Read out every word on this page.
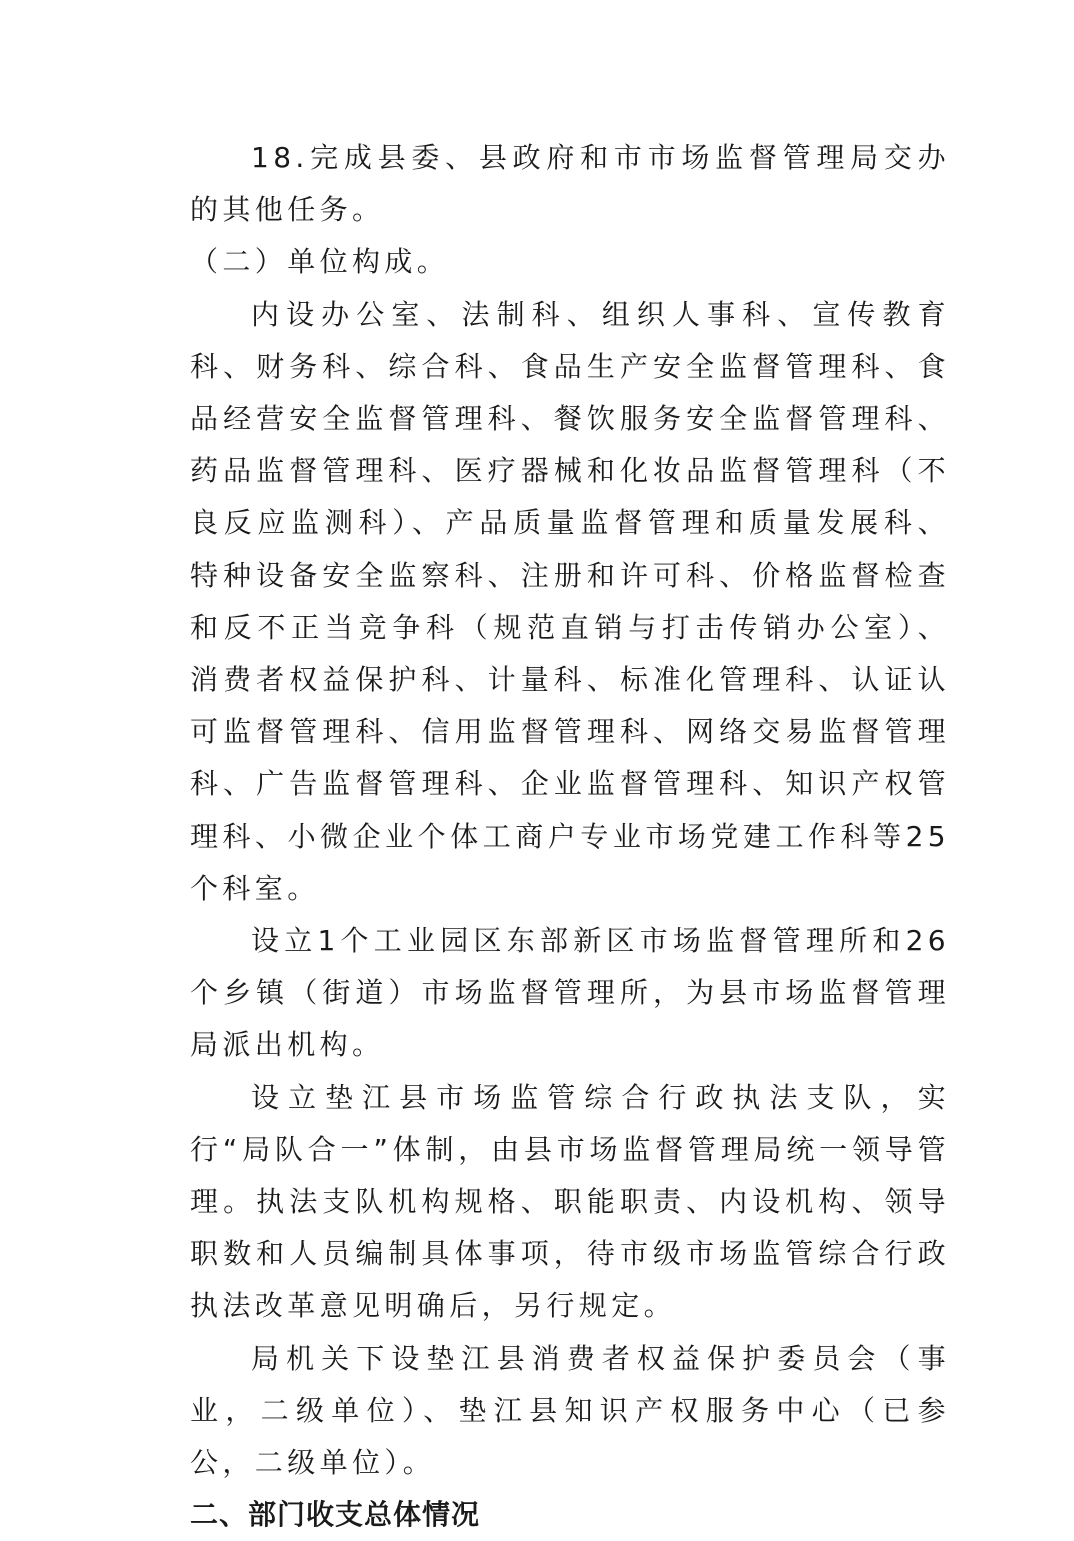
18.完成县委、县政府和市市场监督管理局交办的其他任务。

（二）单位构成。

内设办公室、法制科、组织人事科、宣传教育科、财务科、综合科、食品生产安全监督管理科、食品经营安全监督管理科、餐饮服务安全监督管理科、药品监督管理科、医疗器械和化妆品监督管理科（不良反应监测科）、产品质量监督管理和质量发展科、特种设备安全监察科、注册和许可科、价格监督检查和反不正当竞争科（规范直销与打击传销办公室）、消费者权益保护科、计量科、标准化管理科、认证认可监督管理科、信用监督管理科、网络交易监督管理科、广告监督管理科、企业监督管理科、知识产权管理科、小微企业个体工商户专业市场党建工作科等25个科室。

设立1个工业园区东部新区市场监督管理所和26个乡镇（街道）市场监督管理所，为县市场监督管理局派出机构。

设立垫江县市场监管综合行政执法支队，实行“局队合一”体制，由县市场监督管理局统一领导管理。执法支队机构规格、职能职责、内设机构、领导职数和人员编制具体事项，待市级市场监管综合行政执法改革意见明确后，另行规定。

局机关下设垫江县消费者权益保护委员会（事业，二级单位）、垫江县知识产权服务中心（已参公，二级单位）。

二、部门收支总体情况
